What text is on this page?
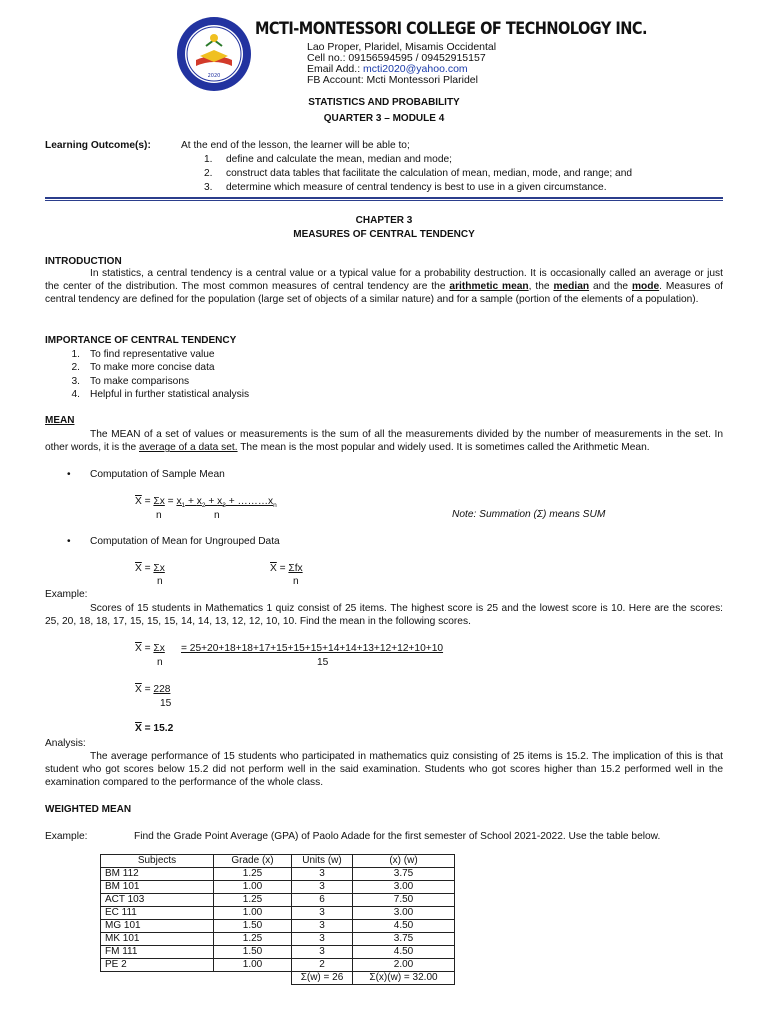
2020
MCTI-MONTESSORI COLLEGE OF TECHNOLOGY INC.
Lao Proper, Plaridel, Misamis Occidental
Cell no.: 09156594595 / 09452915157
Email Add.: mcti2020@yahoo.com
FB Account: Mcti Montessori Plaridel
STATISTICS AND PROBABILITY
QUARTER 3 – MODULE 4
Learning Outcome(s):	At the end of the lesson, the learner will be able to;
1.	define and calculate the mean, median and mode;
2.	construct data tables that facilitate the calculation of mean, median, mode, and range; and
3.	determine which measure of central tendency is best to use in a given circumstance.
CHAPTER 3
MEASURES OF CENTRAL TENDENCY
INTRODUCTION
In statistics, a central tendency is a central value or a typical value for a probability destruction. It is occasionally called an average or just the center of the distribution. The most common measures of central tendency are the arithmetic mean, the median and the mode. Measures of central tendency are defined for the population (large set of objects of a similar nature) and for a sample (portion of the elements of a population).
IMPORTANCE OF CENTRAL TENDENCY
1. To find representative value
2. To make more concise data
3. To make comparisons
4. Helpful in further statistical analysis
MEAN
The MEAN of a set of values or measurements is the sum of all the measurements divided by the number of measurements in the set. In other words, it is the average of a data set. The mean is the most popular and widely used. It is sometimes called the Arithmetic Mean.
• Computation of Sample Mean
$\overline{X} = \Sigma x = x_1 + x_2 + x_3$ + $\dots\dots\dots x_n$
n	n	Note: Summation (Σ) means SUM
• Computation of Mean for Ungrouped Data
$\overline{X} = \Sigma x$
n
$\overline{X} = \Sigma fx$
n
Example:
Scores of 15 students in Mathematics 1 quiz consist of 25 items. The highest score is 25 and the lowest score is 10. Here are the scores: 25, 20, 18, 18, 17, 15, 15, 15, 14, 14, 13, 12, 12, 10, 10. Find the mean in the following scores.
$\overline{X} = \Sigma x = 25+20+18+18+17+15+15+15+14+14+13+12+12+10+10$
n	15
$\overline{X} = 228$
15
$\overline{X} = 15.2$
Analysis:
The average performance of 15 students who participated in mathematics quiz consisting of 25 items is 15.2. The implication of this is that student who got scores below 15.2 did not perform well in the said examination. Students who got scores higher than 15.2 performed well in the examination compared to the performance of the whole class.
WEIGHTED MEAN
Example:	Find the Grade Point Average (GPA) of Paolo Adade for the first semester of School 2021-2022. Use the table below.
Subjects	Grade (x)	Units (w)	(x) (w)
BM 112	1.25	3	3.75
BM 101	1.00	3	3.00
ACT 103	1.25	6	7.50
EC 111	1.00	3	3.00
MG 101	1.50	3	4.50
MK 101	1.25	3	3.75
FM 111	1.50	3	4.50
PE 2	1.00	2	2.00
		Σ(w) = 26	Σ(x)(w) = 32.00
